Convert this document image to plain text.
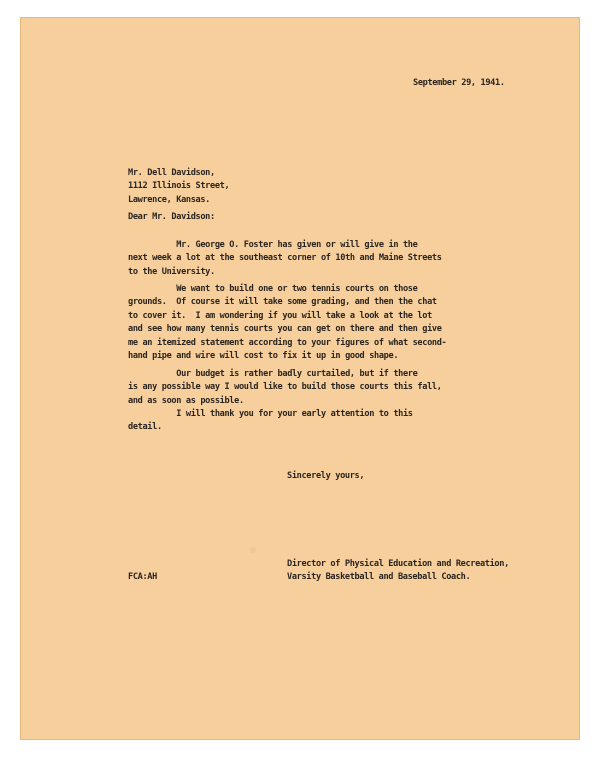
September 29, 1941.
Mr. Dell Davidson,
1112 Illinois Street,
Lawrence, Kansas.
Dear Mr. Davidson:
Mr. George O. Foster has given or will give in the
next week a lot at the southeast corner of 10th and Maine Streets
to the University.
We want to build one or two tennis courts on those
grounds.  Of course it will take some grading, and then the chat
to cover it.  I am wondering if you will take a look at the lot
and see how many tennis courts you can get on there and then give
me an itemized statement according to your figures of what second-
hand pipe and wire will cost to fix it up in good shape.
Our budget is rather badly curtailed, but if there
is any possible way I would like to build those courts this fall,
and as soon as possible.
I will thank you for your early attention to this
detail.
Sincerely yours,
Director of Physical Education and Recreation,
Varsity Basketball and Baseball Coach.
FCA:AH
